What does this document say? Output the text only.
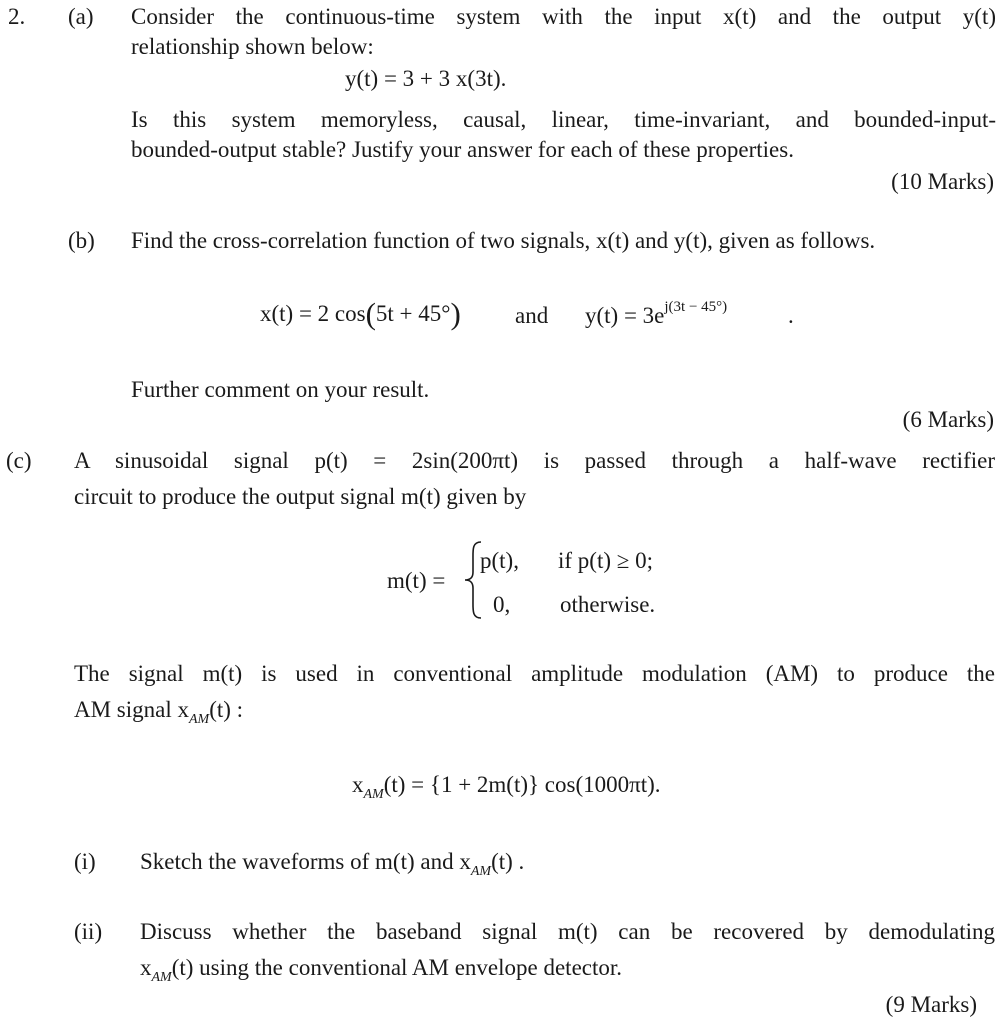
2. (a) Consider the continuous-time system with the input x(t) and the output y(t)
relationship shown below:
y(t) = 3 + 3 x(3t).
Is this system memoryless, causal, linear, time-invariant, and bounded-input-
bounded-output stable? Justify your answer for each of these properties.
(10 Marks)
(b) Find the cross-correlation function of two signals, x(t) and y(t), given as follows.
x(t) = 2 cos(5t + 45°) and $y(t) = 3e^{j(3t - 45^\circ)}$	.
Further comment on your result.
(6 Marks)
(c) A sinusoidal signal p(t) = 2sin(200πt) is passed through a half-wave rectifier
circuit to produce the output signal m(t) given by
m(t) =
p(t), if p(t) ≥ 0;
0, otherwise.
The signal m(t) is used in conventional amplitude modulation (AM) to produce the
AM signal $x_{AM}(t)$ :
$x_{AM}(t) = \{1 + 2m(t)\}$ cos(1000πt).
(i) Sketch the waveforms of m(t) and $x_{AM}(t)$ .
(ii) Discuss whether the baseband signal m(t) can be recovered by demodulating
$x_{AM}(t)$ using the conventional AM envelope detector.
(9 Marks)
